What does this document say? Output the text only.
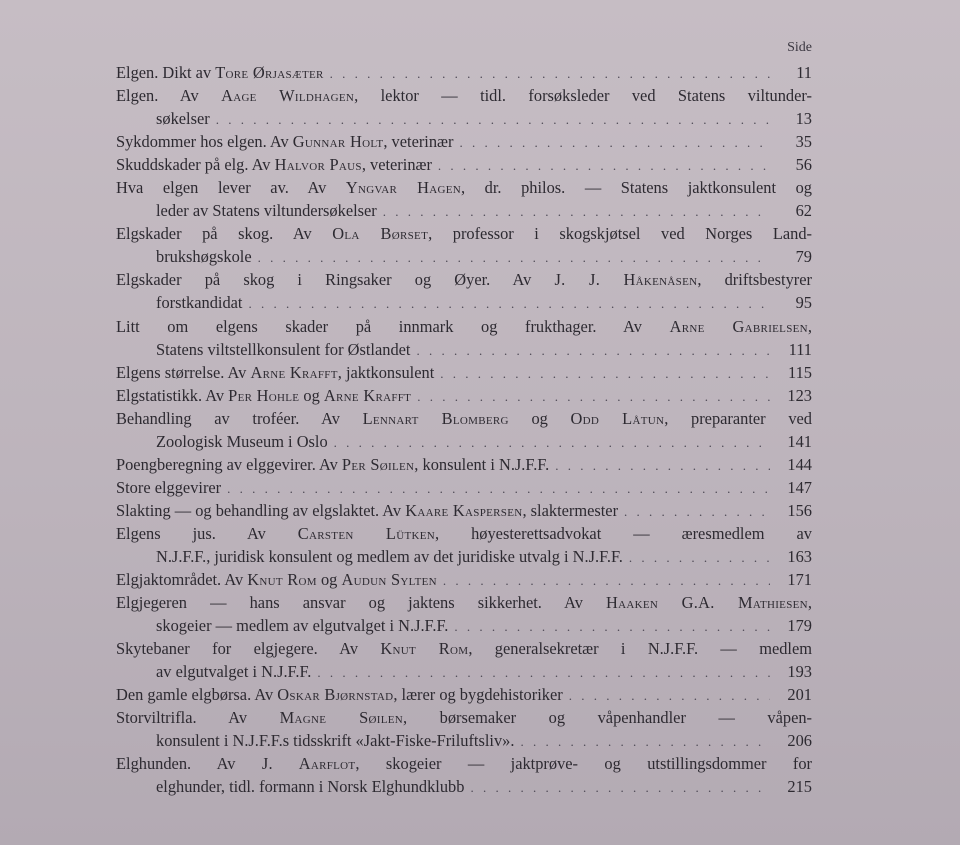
Side
Elgen. Dikt av Tore Ørjasæter . . .	11
Elgen. Av Aage Wildhagen, lektor — tidl. forsøksleder ved Statens viltunder-
søkelser . . .	13
Sykdommer hos elgen. Av Gunnar Holt, veterinær . . .	35
Skuddskader på elg. Av Halvor Paus, veterinær . . .	56
Hva elgen lever av. Av Yngvar Hagen, dr. philos. — Statens jaktkonsulent og
leder av Statens viltundersøkelser . . .	62
Elgskader på skog. Av Ola Børset, professor i skogskjøtsel ved Norges Land-
brukshøgskole . . .	79
Elgskader på skog i Ringsaker og Øyer. Av J. J. Håkenåsen, driftsbestyrer
forstkandidat . . .	95
Litt om elgens skader på innmark og frukthager. Av Arne Gabrielsen,
Statens viltstellkonsulent for Østlandet . . .	111
Elgens størrelse. Av Arne Krafft, jaktkonsulent . . .	115
Elgstatistikk. Av Per Hohle og Arne Krafft . . .	123
Behandling av troféer. Av Lennart Blomberg og Odd Låtun, preparanter ved
Zoologisk Museum i Oslo . . .	141
Poengberegning av elggevirer. Av Per Søilen, konsulent i N.J.F.F. . . .	144
Store elggevirer . . .	147
Slakting — og behandling av elgslaktet. Av Kaare Kaspersen, slaktermester . . .	156
Elgens jus. Av Carsten Lütken, høyesterettsadvokat — æresmedlem av
N.J.F.F., juridisk konsulent og medlem av det juridiske utvalg i N.J.F.F. . . .	163
Elgjaktområdet. Av Knut Rom og Audun Sylten . . .	171
Elgjegeren — hans ansvar og jaktens sikkerhet. Av Haaken G.A. Mathiesen,
skogeier — medlem av elgutvalget i N.J.F.F. . . .	179
Skytebaner for elgjegere. Av Knut Rom, generalsekretær i N.J.F.F. — medlem
av elgutvalget i N.J.F.F. . . .	193
Den gamle elgbørsa. Av Oskar Bjørnstad, lærer og bygdehistoriker . . .	201
Storviltrifla. Av Magne Søilen, børsemaker og våpenhandler — våpen-
konsulent i N.J.F.F.s tidsskrift «Jakt-Fiske-Friluftsliv». . . .	206
Elghunden. Av J. Aarflot, skogeier — jaktprøve- og utstillingsdommer for
elghunder, tidl. formann i Norsk Elghundklubb . . .	215
